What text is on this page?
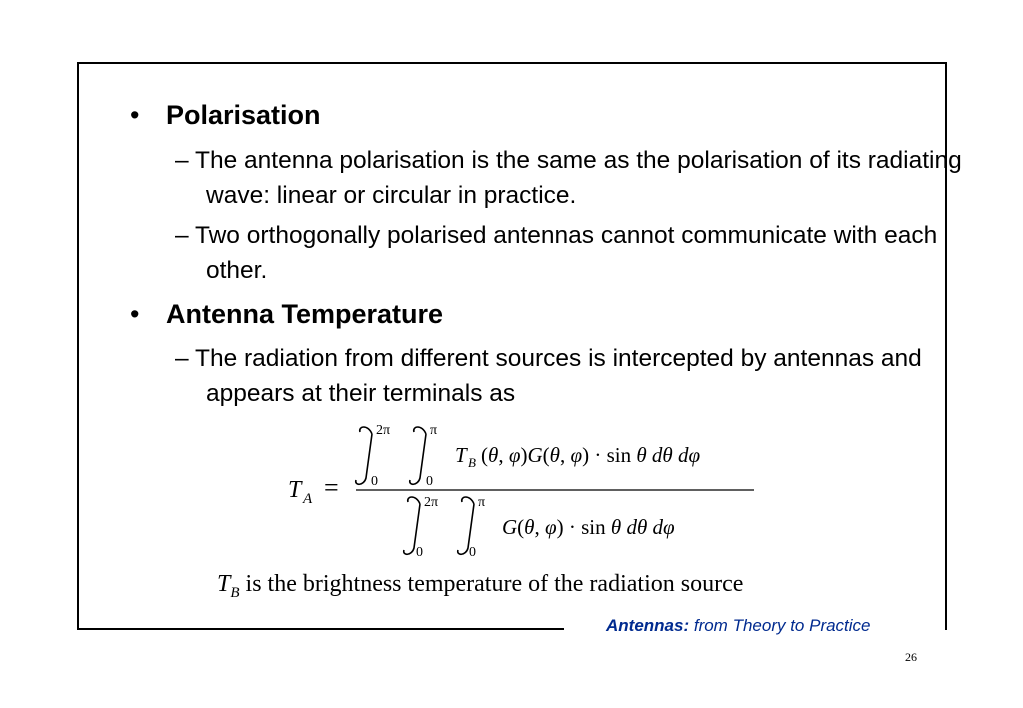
• Polarisation
– The antenna polarisation is the same as the polarisation of its radiating wave: linear or circular in practice.
– Two orthogonally polarised antennas cannot communicate with each other.
• Antenna Temperature
– The radiation from different sources is intercepted by antennas and appears at their terminals as
T A =
2π
0
π
0
T B (θ, φ)G(θ, φ) · sin θ dθ dφ
2π
0
π
0
G(θ, φ) · sin θ dθ dφ
$T_B$ is the brightness temperature of the radiation source
Antennas: from Theory to Practice
26
